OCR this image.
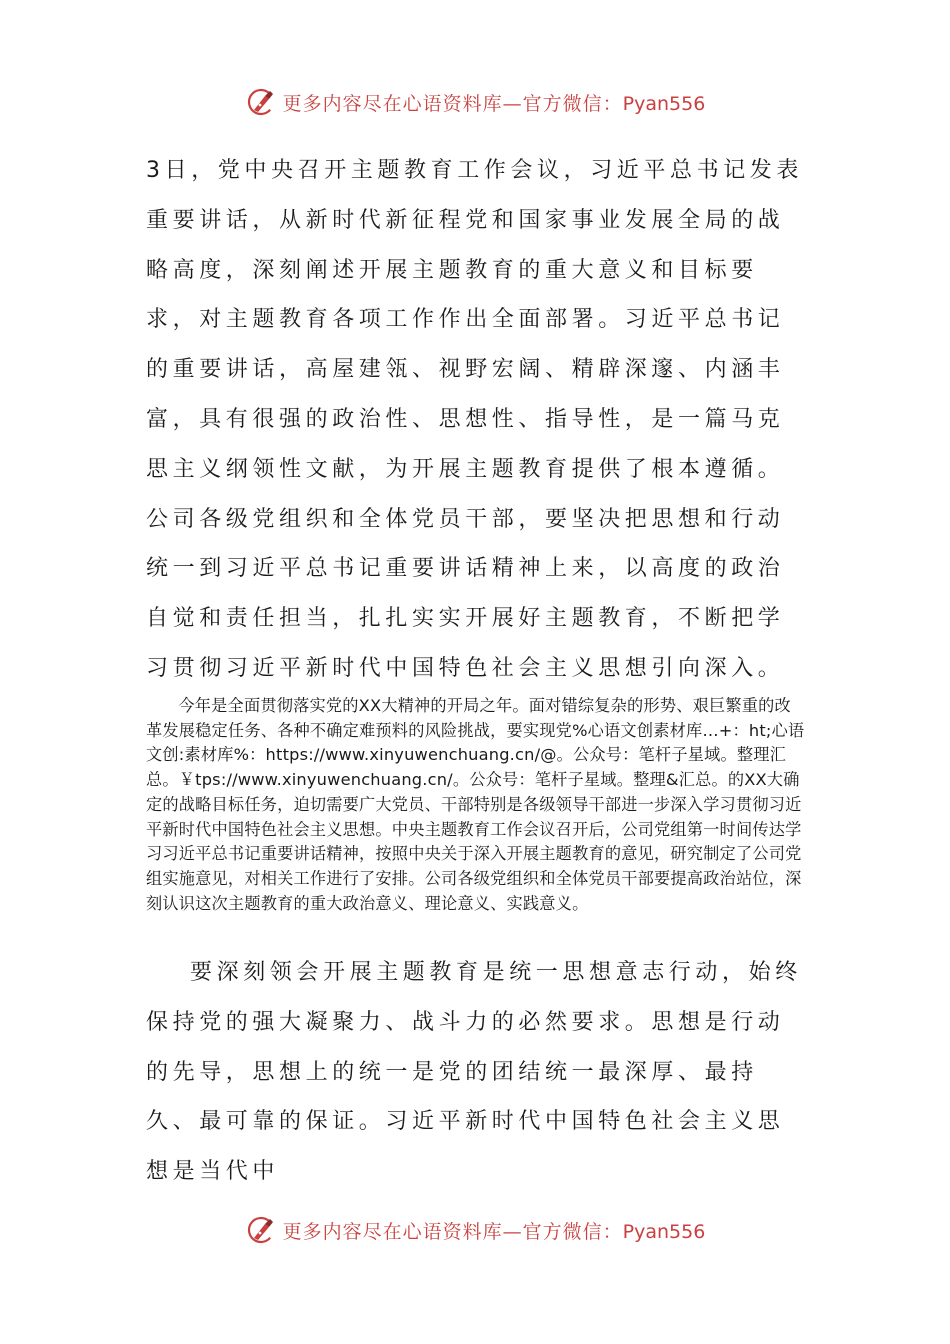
更多内容尽在心语资料库—官方微信：Pyan556

3日，党中央召开主题教育工作会议，习近平总书记发表重要讲话，从新时代新征程党和国家事业发展全局的战略高度，深刻阐述开展主题教育的重大意义和目标要求，对主题教育各项工作作出全面部署。习近平总书记的重要讲话，高屋建瓴、视野宏阔、精辟深邃、内涵丰富，具有很强的政治性、思想性、指导性，是一篇马克思主义纲领性文献，为开展主题教育提供了根本遵循。公司各级党组织和全体党员干部，要坚决把思想和行动统一到习近平总书记重要讲话精神上来，以高度的政治自觉和责任担当，扎扎实实开展好主题教育，不断把学习贯彻习近平新时代中国特色社会主义思想引向深入。

今年是全面贯彻落实党的XX大精神的开局之年。面对错综复杂的形势、艰巨繁重的改革发展稳定任务、各种不确定难预料的风险挑战，要实现党%心语文创素材库…+：ht;心语文创:素材库%：https://www.xinyuwenchuang.cn/@。公众号：笔杆子星域。整理汇总。￥tps://www.xinyuwenchuang.cn/。公众号：笔杆子星域。整理&汇总。的XX大确定的战略目标任务，迫切需要广大党员、干部特别是各级领导干部进一步深入学习贯彻习近平新时代中国特色社会主义思想。中央主题教育工作会议召开后，公司党组第一时间传达学习习近平总书记重要讲话精神，按照中央关于深入开展主题教育的意见，研究制定了公司党组实施意见，对相关工作进行了安排。公司各级党组织和全体党员干部要提高政治站位，深刻认识这次主题教育的重大政治意义、理论意义、实践意义。

要深刻领会开展主题教育是统一思想意志行动，始终保持党的强大凝聚力、战斗力的必然要求。思想是行动的先导，思想上的统一是党的团结统一最深厚、最持久、最可靠的保证。习近平新时代中国特色社会主义思想是当代中

更多内容尽在心语资料库—官方微信：Pyan556
